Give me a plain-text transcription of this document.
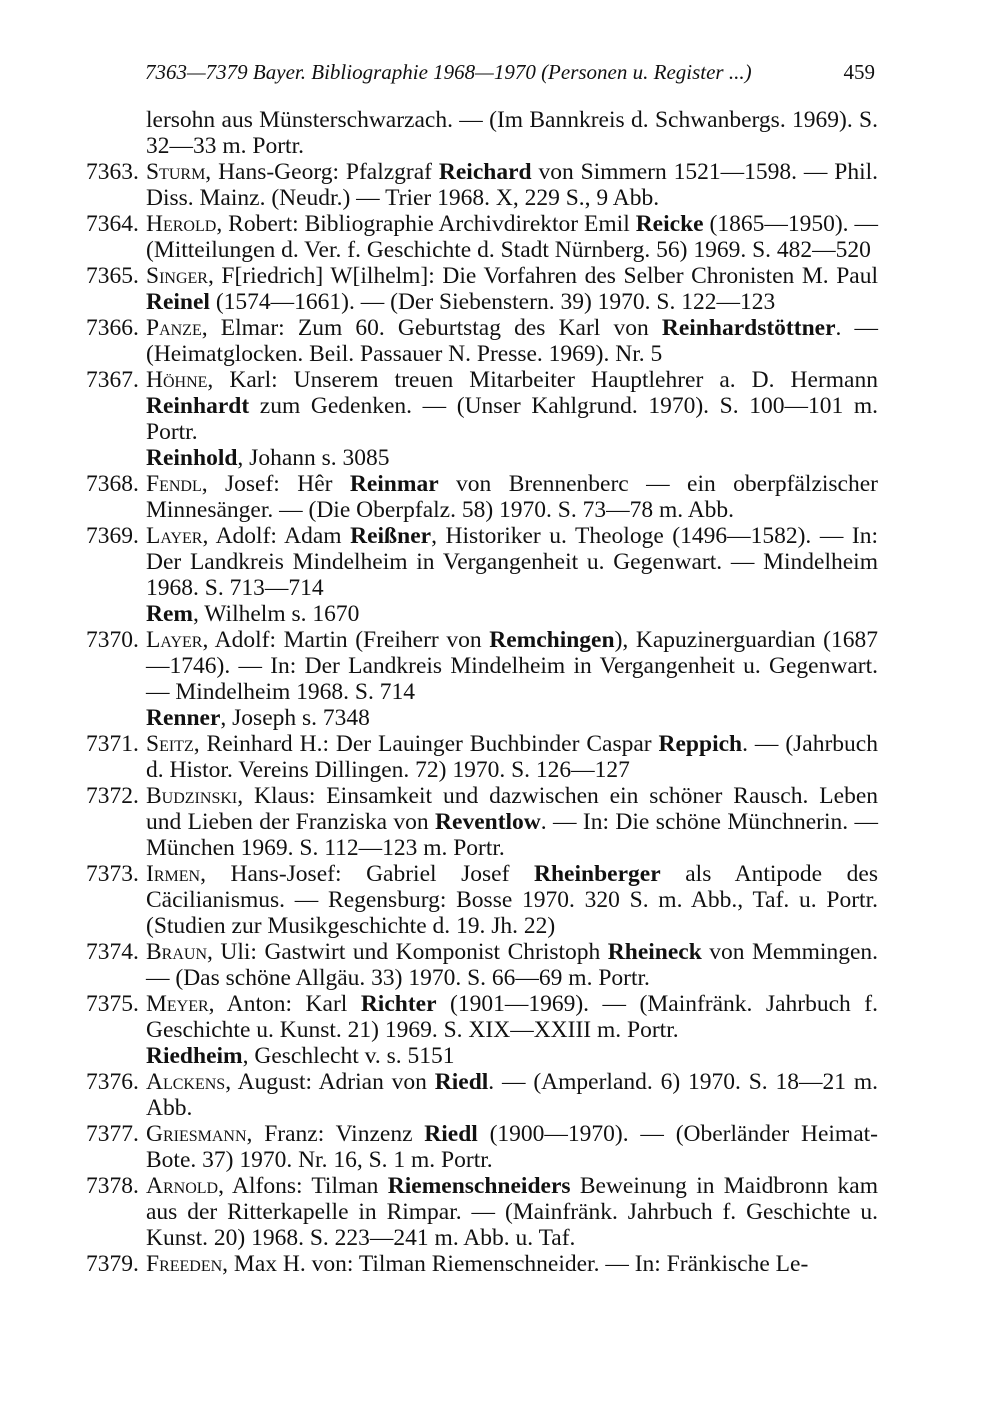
7363—7379 Bayer. Bibliographie 1968—1970 (Personen u. Register ...)	459
lersohn aus Münsterschwarzach. — (Im Bannkreis d. Schwanbergs. 1969). S. 32—33 m. Portr.
7363. Sturm, Hans-Georg: Pfalzgraf Reichard von Simmern 1521—1598. — Phil. Diss. Mainz. (Neudr.) — Trier 1968. X, 229 S., 9 Abb.
7364. Herold, Robert: Bibliographie Archivdirektor Emil Reicke (1865—1950). — (Mitteilungen d. Ver. f. Geschichte d. Stadt Nürnberg. 56) 1969. S. 482—520
7365. Singer, F[riedrich] W[ilhelm]: Die Vorfahren des Selber Chronisten M. Paul Reinel (1574—1661). — (Der Siebenstern. 39) 1970. S. 122—123
7366. Panze, Elmar: Zum 60. Geburtstag des Karl von Reinhardstöttner. — (Heimatglocken. Beil. Passauer N. Presse. 1969). Nr. 5
7367. Höhne, Karl: Unserem treuen Mitarbeiter Hauptlehrer a. D. Hermann Reinhardt zum Gedenken. — (Unser Kahlgrund. 1970). S. 100—101 m. Portr.
Reinhold, Johann s. 3085
7368. Fendl, Josef: Hêr Reinmar von Brennenberc — ein oberpfälzischer Minnesänger. — (Die Oberpfalz. 58) 1970. S. 73—78 m. Abb.
7369. Layer, Adolf: Adam Reißner, Historiker u. Theologe (1496—1582). — In: Der Landkreis Mindelheim in Vergangenheit u. Gegenwart. — Mindelheim 1968. S. 713—714
Rem, Wilhelm s. 1670
7370. Layer, Adolf: Martin (Freiherr von Remchingen), Kapuzinerguardian (1687—1746). — In: Der Landkreis Mindelheim in Vergangenheit u. Gegenwart. — Mindelheim 1968. S. 714
Renner, Joseph s. 7348
7371. Seitz, Reinhard H.: Der Lauinger Buchbinder Caspar Reppich. — (Jahrbuch d. Histor. Vereins Dillingen. 72) 1970. S. 126—127
7372. Budzinski, Klaus: Einsamkeit und dazwischen ein schöner Rausch. Leben und Lieben der Franziska von Reventlow. — In: Die schöne Münchnerin. — München 1969. S. 112—123 m. Portr.
7373. Irmen, Hans-Josef: Gabriel Josef Rheinberger als Antipode des Cäcilianismus. — Regensburg: Bosse 1970. 320 S. m. Abb., Taf. u. Portr. (Studien zur Musikgeschichte d. 19. Jh. 22)
7374. Braun, Uli: Gastwirt und Komponist Christoph Rheineck von Memmingen. — (Das schöne Allgäu. 33) 1970. S. 66—69 m. Portr.
7375. Meyer, Anton: Karl Richter (1901—1969). — (Mainfränk. Jahrbuch f. Geschichte u. Kunst. 21) 1969. S. XIX—XXIII m. Portr.
Riedheim, Geschlecht v. s. 5151
7376. Alckens, August: Adrian von Riedl. — (Amperland. 6) 1970. S. 18—21 m. Abb.
7377. Griesmann, Franz: Vinzenz Riedl (1900—1970). — (Oberländer Heimat-Bote. 37) 1970. Nr. 16, S. 1 m. Portr.
7378. Arnold, Alfons: Tilman Riemenschneiders Beweinung in Maidbronn kam aus der Ritterkapelle in Rimpar. — (Mainfränk. Jahrbuch f. Geschichte u. Kunst. 20) 1968. S. 223—241 m. Abb. u. Taf.
7379. Freeden, Max H. von: Tilman Riemenschneider. — In: Fränkische Le-
